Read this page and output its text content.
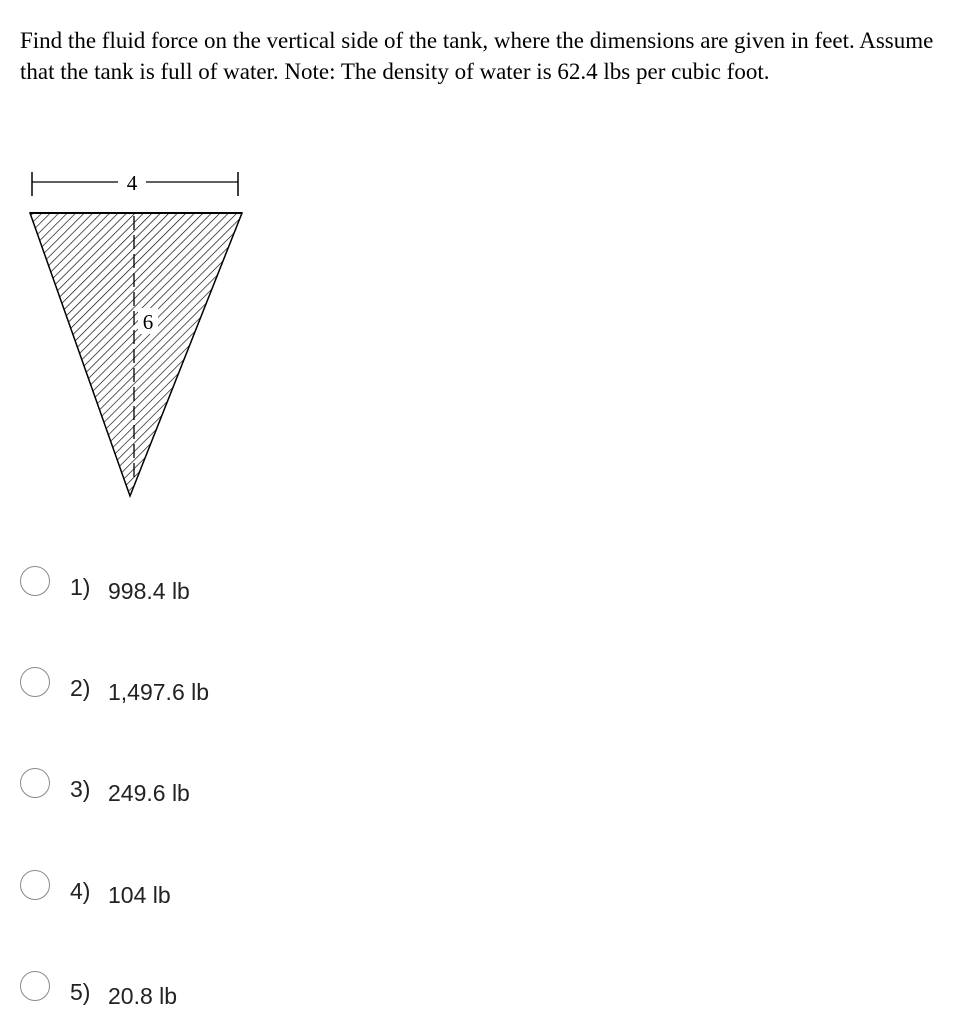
Find the fluid force on the vertical side of the tank, where the dimensions are given in feet. Assume that the tank is full of water. Note: The density of water is 62.4 lbs per cubic foot.

4
6
1) 998.4 lb
2) 1,497.6 lb
3) 249.6 lb
4) 104 lb
5) 20.8 lb
